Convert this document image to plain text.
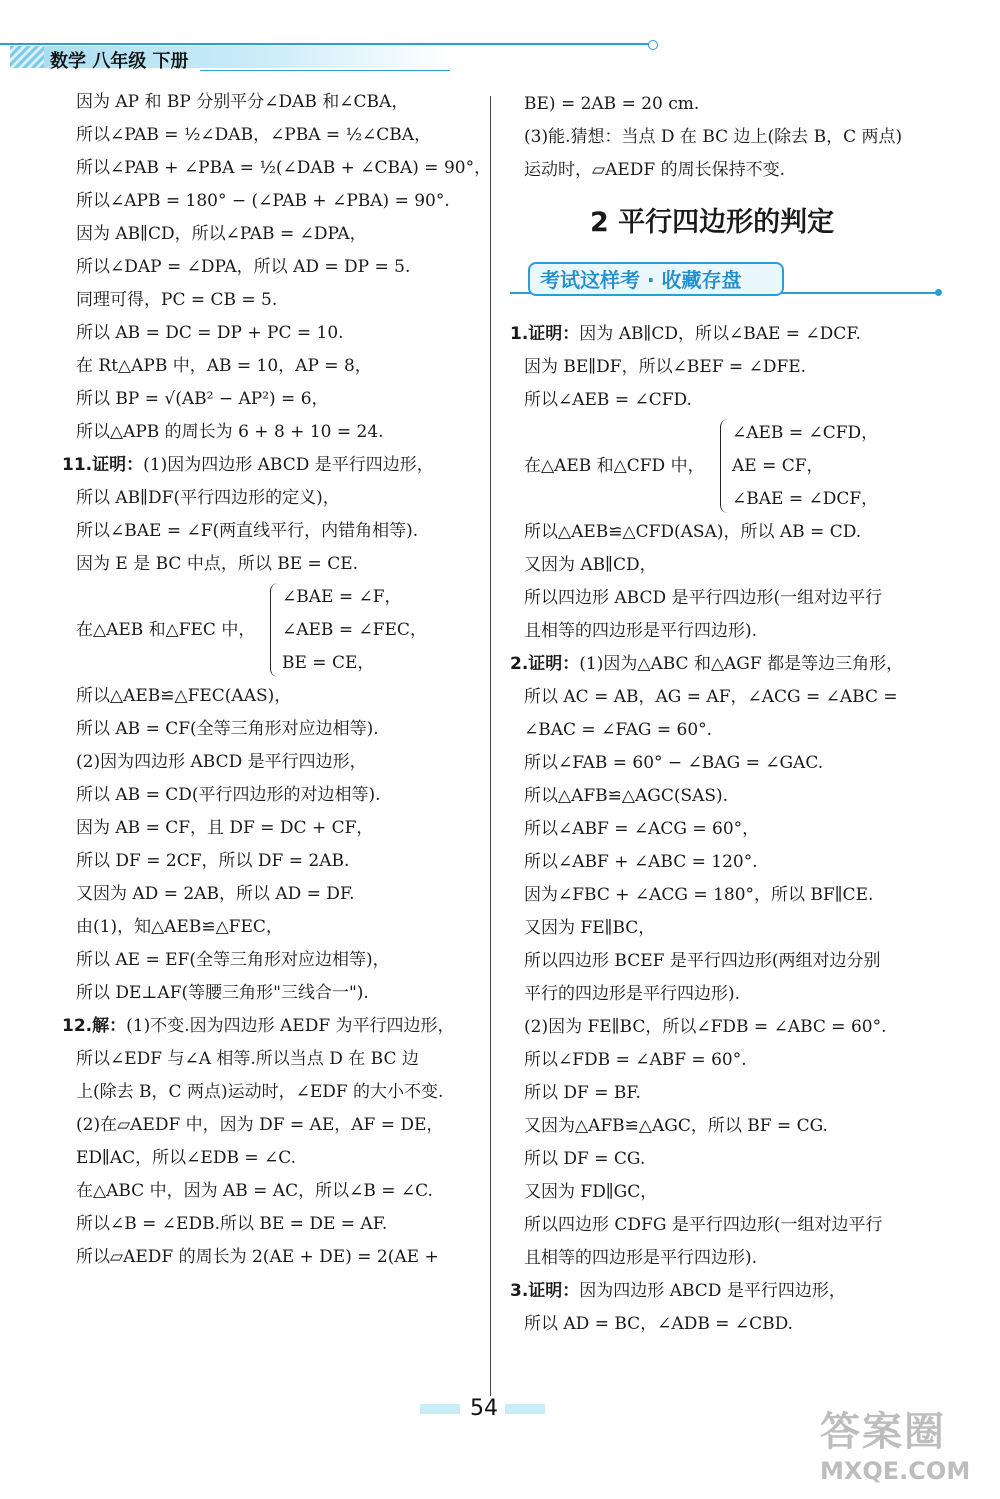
数学 八年级 下册
因为 AP 和 BP 分别平分∠DAB 和∠CBA，
所以∠PAB = ½∠DAB，∠PBA = ½∠CBA，
所以∠PAB + ∠PBA = ½(∠DAB + ∠CBA) = 90°，
所以∠APB = 180° − (∠PAB + ∠PBA) = 90°.
因为 AB∥CD，所以∠PAB = ∠DPA，
所以∠DAP = ∠DPA，所以 AD = DP = 5.
同理可得，PC = CB = 5.
所以 AB = DC = DP + PC = 10.
在 Rt△APB 中，AB = 10，AP = 8，
所以 BP = √(AB² − AP²) = 6，
所以△APB 的周长为 6 + 8 + 10 = 24.
11.证明：(1)因为四边形 ABCD 是平行四边形，
所以 AB∥DF(平行四边形的定义)，
所以∠BAE = ∠F(两直线平行，内错角相等).
因为 E 是 BC 中点，所以 BE = CE.
在△AEB 和△FEC 中，
∠BAE = ∠F，
∠AEB = ∠FEC，
BE = CE，
所以△AEB≌△FEC(AAS)，
所以 AB = CF(全等三角形对应边相等).
(2)因为四边形 ABCD 是平行四边形，
所以 AB = CD(平行四边形的对边相等).
因为 AB = CF，且 DF = DC + CF，
所以 DF = 2CF，所以 DF = 2AB.
又因为 AD = 2AB，所以 AD = DF.
由(1)，知△AEB≌△FEC，
所以 AE = EF(全等三角形对应边相等)，
所以 DE⊥AF(等腰三角形"三线合一").
12.解：(1)不变.因为四边形 AEDF 为平行四边形，
所以∠EDF 与∠A 相等.所以当点 D 在 BC 边
上(除去 B，C 两点)运动时，∠EDF 的大小不变.
(2)在▱AEDF 中，因为 DF = AE，AF = DE，
ED∥AC，所以∠EDB = ∠C.
在△ABC 中，因为 AB = AC，所以∠B = ∠C.
所以∠B = ∠EDB.所以 BE = DE = AF.
所以▱AEDF 的周长为 2(AE + DE) = 2(AE +
BE) = 2AB = 20 cm.
(3)能.猜想：当点 D 在 BC 边上(除去 B，C 两点)
运动时，▱AEDF 的周长保持不变.
2 平行四边形的判定
考试这样考 · 收藏存盘
1.证明：因为 AB∥CD，所以∠BAE = ∠DCF.
因为 BE∥DF，所以∠BEF = ∠DFE.
所以∠AEB = ∠CFD.
在△AEB 和△CFD 中，
∠AEB = ∠CFD，
AE = CF，
∠BAE = ∠DCF，
所以△AEB≌△CFD(ASA)，所以 AB = CD.
又因为 AB∥CD，
所以四边形 ABCD 是平行四边形(一组对边平行
且相等的四边形是平行四边形).
2.证明：(1)因为△ABC 和△AGF 都是等边三角形，
所以 AC = AB，AG = AF，∠ACG = ∠ABC =
∠BAC = ∠FAG = 60°.
所以∠FAB = 60° − ∠BAG = ∠GAC.
所以△AFB≌△AGC(SAS).
所以∠ABF = ∠ACG = 60°，
所以∠ABF + ∠ABC = 120°.
因为∠FBC + ∠ACG = 180°，所以 BF∥CE.
又因为 FE∥BC，
所以四边形 BCEF 是平行四边形(两组对边分别
平行的四边形是平行四边形).
(2)因为 FE∥BC，所以∠FDB = ∠ABC = 60°.
所以∠FDB = ∠ABF = 60°.
所以 DF = BF.
又因为△AFB≌△AGC，所以 BF = CG.
所以 DF = CG.
又因为 FD∥GC，
所以四边形 CDFG 是平行四边形(一组对边平行
且相等的四边形是平行四边形).
3.证明：因为四边形 ABCD 是平行四边形，
所以 AD = BC，∠ADB = ∠CBD.
54
答案圈
MXQE.COM
